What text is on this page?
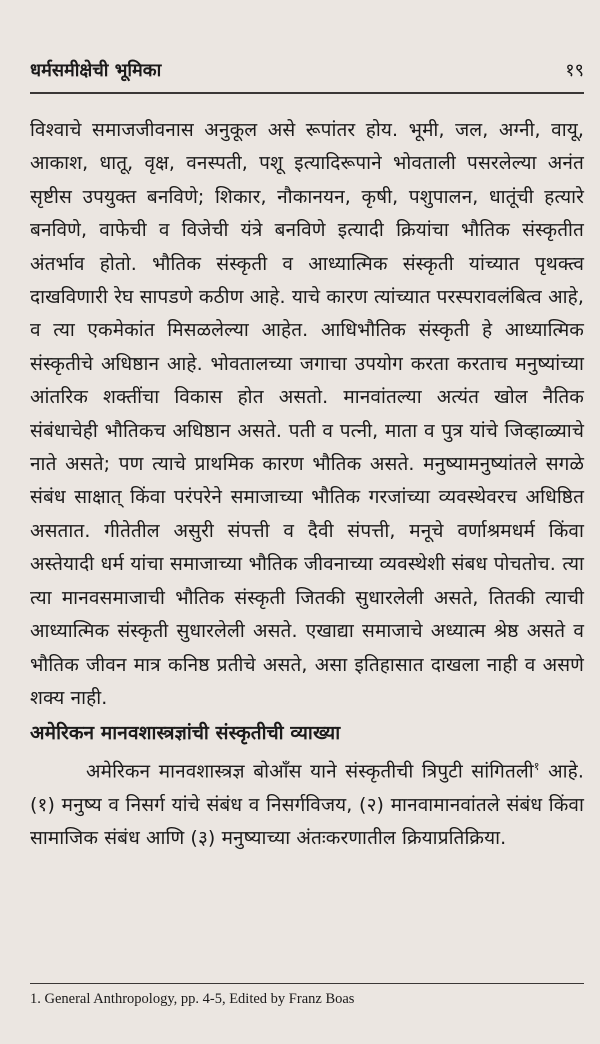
धर्मसमीक्षेची भूमिका	१९

विश्वाचे समाजजीवनास अनुकूल असे रूपांतर होय. भूमी, जल, अग्नी, वायू, आकाश, धातू, वृक्ष, वनस्पती, पशू इत्यादिरूपाने भोवताली पसरलेल्या अनंत सृष्टीस उपयुक्त बनविणे; शिकार, नौकानयन, कृषी, पशुपालन, धातूंची हत्यारे बनविणे, वाफेची व विजेची यंत्रे बनविणे इत्यादी क्रियांचा भौतिक संस्कृतीत अंतर्भाव होतो. भौतिक संस्कृती व आध्यात्मिक संस्कृती यांच्यात पृथक्त्व दाखविणारी रेघ सापडणे कठीण आहे. याचे कारण त्यांच्यात परस्परावलंबित्व आहे, व त्या एकमेकांत मिसळलेल्या आहेत. आधिभौतिक संस्कृती हे आध्यात्मिक संस्कृतीचे अधिष्ठान आहे. भोवतालच्या जगाचा उपयोग करता करताच मनुष्यांच्या आंतरिक शक्तींचा विकास होत असतो. मानवांतल्या अत्यंत खोल नैतिक संबंधाचेही भौतिकच अधिष्ठान असते. पती व पत्नी, माता व पुत्र यांचे जिव्हाळ्याचे नाते असते; पण त्याचे प्राथमिक कारण भौतिक असते. मनुष्यामनुष्यांतले सगळे संबंध साक्षात् किंवा परंपरेने समाजाच्या भौतिक गरजांच्या व्यवस्थेवरच अधिष्ठित असतात. गीतेतील असुरी संपत्ती व दैवी संपत्ती, मनूचे वर्णाश्रमधर्म किंवा अस्तेयादी धर्म यांचा समाजाच्या भौतिक जीवनाच्या व्यवस्थेशी संबध पोचतोच. त्या त्या मानवसमाजाची भौतिक संस्कृती जितकी सुधारलेली असते, तितकी त्याची आध्यात्मिक संस्कृती सुधारलेली असते. एखाद्या समाजाचे अध्यात्म श्रेष्ठ असते व भौतिक जीवन मात्र कनिष्ठ प्रतीचे असते, असा इतिहासात दाखला नाही व असणे शक्य नाही.

अमेरिकन मानवशास्त्रज्ञांची संस्कृतीची व्याख्या

अमेरिकन मानवशास्त्रज्ञ बोआँस याने संस्कृतीची त्रिपुटी सांगितली$^१$ आहे. (१) मनुष्य व निसर्ग यांचे संबंध व निसर्गविजय, (२) मानवामानवांतले संबंध किंवा सामाजिक संबंध आणि (३) मनुष्याच्या अंतःकरणातील क्रियाप्रतिक्रिया.

1. General Anthropology, pp. 4-5, Edited by Franz Boas
